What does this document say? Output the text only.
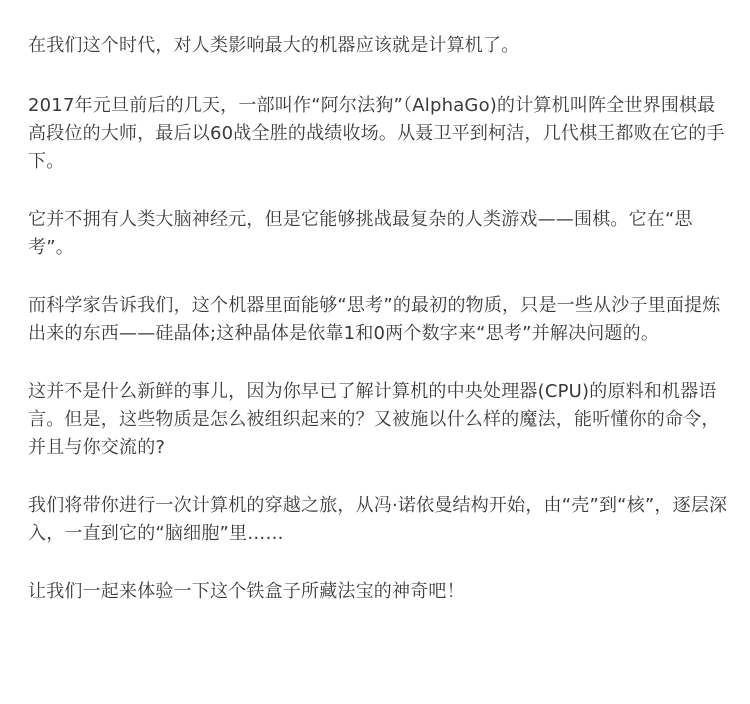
在我们这个时代，对人类影响最大的机器应该就是计算机了。

2017年元旦前后的几天，一部叫作“阿尔法狗”（AlphaGo)的计算机叫阵全世界围棋最高段位的大师，最后以60战全胜的战绩收场。从聂卫平到柯洁，几代棋王都败在它的手下。

它并不拥有人类大脑神经元，但是它能够挑战最复杂的人类游戏——围棋。它在“思考”。

而科学家告诉我们，这个机器里面能够“思考”的最初的物质，只是一些从沙子里面提炼出来的东西——硅晶体;这种晶体是依靠1和0两个数字来“思考”并解决问题的。

这并不是什么新鲜的事儿，因为你早已了解计算机的中央处理器(CPU)的原料和机器语言。但是，这些物质是怎么被组织起来的？又被施以什么样的魔法，能听懂你的命令，并且与你交流的?

我们将带你进行一次计算机的穿越之旅，从冯·诺依曼结构开始，由“壳”到“核”，逐层深入，一直到它的“脑细胞”里……

让我们一起来体验一下这个铁盒子所藏法宝的神奇吧！
